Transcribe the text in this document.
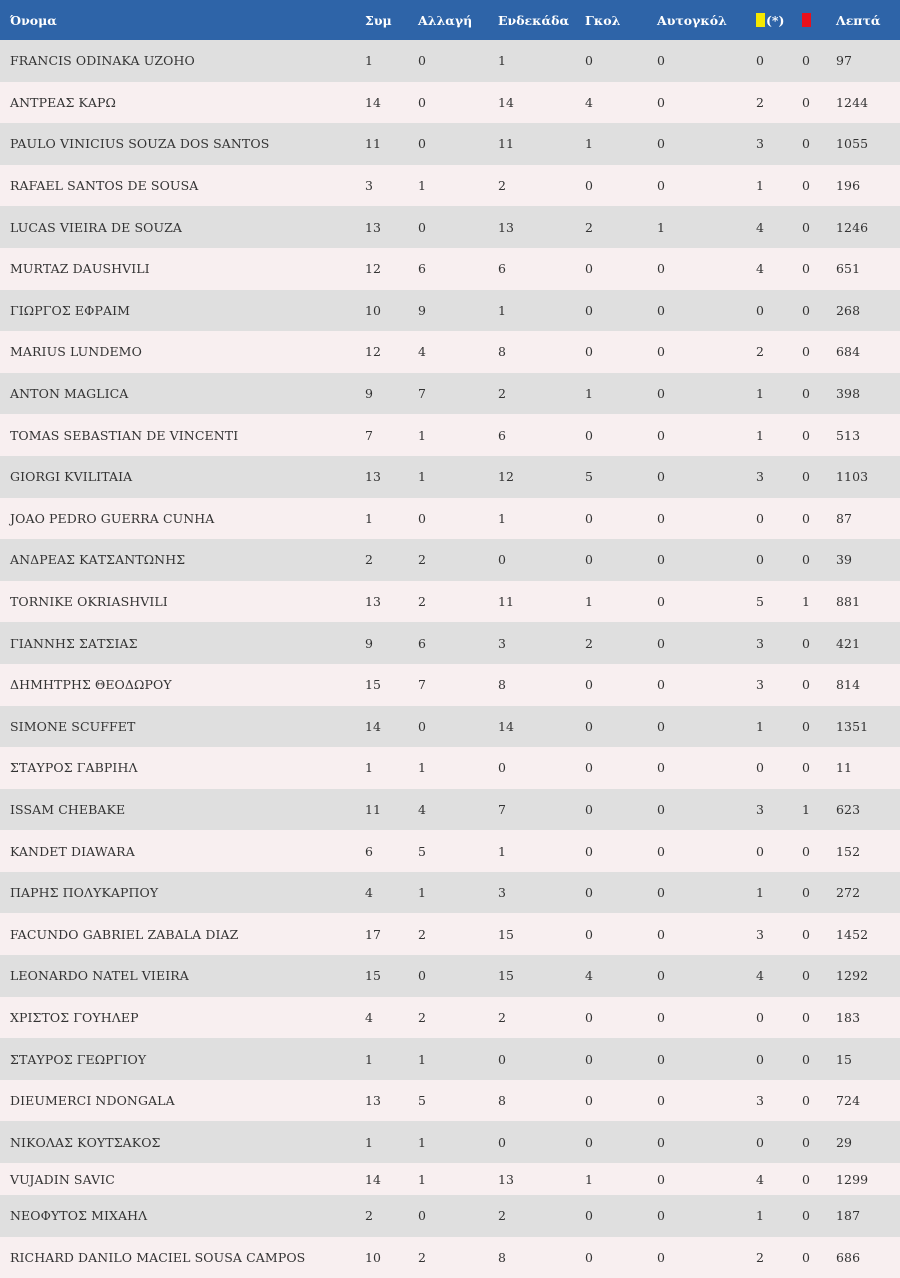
Όνομα	Συμ	Αλλαγή	Ενδεκάδα	Γκολ	Αυτογκόλ	(*)		Λεπτά
FRANCIS ODINAKA UZOHO	1	0	1	0	0	0	0	97
ΑΝΤΡΕΑΣ ΚΑΡΩ	14	0	14	4	0	2	0	1244
PAULO VINICIUS SOUZA DOS SANTOS	11	0	11	1	0	3	0	1055
RAFAEL SANTOS DE SOUSA	3	1	2	0	0	1	0	196
LUCAS VIEIRA DE SOUZA	13	0	13	2	1	4	0	1246
MURTAZ DAUSHVILI	12	6	6	0	0	4	0	651
ΓΙΩΡΓΟΣ ΕΦΡΑΙΜ	10	9	1	0	0	0	0	268
MARIUS LUNDEMO	12	4	8	0	0	2	0	684
ANTON MAGLICA	9	7	2	1	0	1	0	398
TOMAS SEBASTIAN DE VINCENTI	7	1	6	0	0	1	0	513
GIORGI KVILITAIA	13	1	12	5	0	3	0	1103
JOAO PEDRO GUERRA CUNHA	1	0	1	0	0	0	0	87
ΑΝΔΡΕΑΣ ΚΑΤΣΑΝΤΩΝΗΣ	2	2	0	0	0	0	0	39
TORNIKE OKRIASHVILI	13	2	11	1	0	5	1	881
ΓΙΑΝΝΗΣ ΣΑΤΣΙΑΣ	9	6	3	2	0	3	0	421
ΔΗΜΗΤΡΗΣ ΘΕΟΔΩΡΟΥ	15	7	8	0	0	3	0	814
SIMONE SCUFFET	14	0	14	0	0	1	0	1351
ΣΤΑΥΡΟΣ ΓΑΒΡΙΗΛ	1	1	0	0	0	0	0	11
ISSAM CHEBAKE	11	4	7	0	0	3	1	623
KANDET DIAWARA	6	5	1	0	0	0	0	152
ΠΑΡΗΣ ΠΟΛΥΚΑΡΠΟΥ	4	1	3	0	0	1	0	272
FACUNDO GABRIEL ZABALA DIAZ	17	2	15	0	0	3	0	1452
LEONARDO NATEL VIEIRA	15	0	15	4	0	4	0	1292
ΧΡΙΣΤΟΣ ΓΟΥΗΛΕΡ	4	2	2	0	0	0	0	183
ΣΤΑΥΡΟΣ ΓΕΩΡΓΙΟΥ	1	1	0	0	0	0	0	15
DIEUMERCI NDONGALA	13	5	8	0	0	3	0	724
ΝΙΚΟΛΑΣ ΚΟΥΤΣΑΚΟΣ	1	1	0	0	0	0	0	29
VUJADIN SAVIC	14	1	13	1	0	4	0	1299
ΝΕΟΦΥΤΟΣ ΜΙΧΑΗΛ	2	0	2	0	0	1	0	187
RICHARD DANILO MACIEL SOUSA CAMPOS	10	2	8	0	0	2	0	686
